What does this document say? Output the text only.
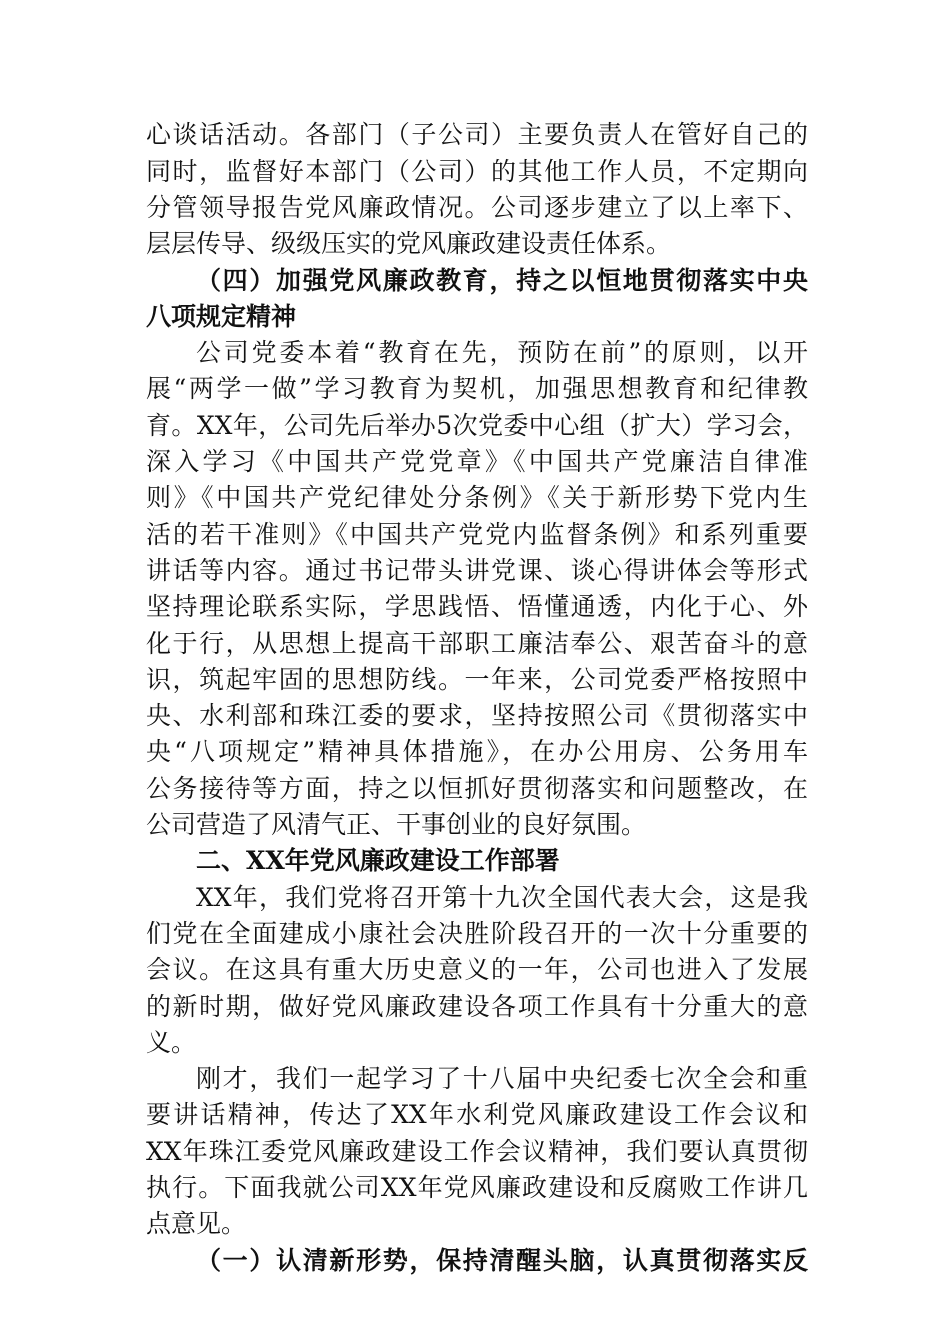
心谈话活动。各部门（子公司）主要负责人在管好自己的
同时，监督好本部门（公司）的其他工作人员，不定期向
分管领导报告党风廉政情况。公司逐步建立了以上率下、
层层传导、级级压实的党风廉政建设责任体系。
（四）加强党风廉政教育，持之以恒地贯彻落实中央
八项规定精神
公司党委本着“教育在先，预防在前”的原则，以开
展“两学一做”学习教育为契机，加强思想教育和纪律教
育。XX年，公司先后举办5次党委中心组（扩大）学习会，
深入学习《中国共产党党章》《中国共产党廉洁自律准
则》《中国共产党纪律处分条例》《关于新形势下党内生
活的若干准则》《中国共产党党内监督条例》和系列重要
讲话等内容。通过书记带头讲党课、谈心得讲体会等形式
坚持理论联系实际，学思践悟、悟懂通透，内化于心、外
化于行，从思想上提高干部职工廉洁奉公、艰苦奋斗的意
识，筑起牢固的思想防线。一年来，公司党委严格按照中
央、水利部和珠江委的要求，坚持按照公司《贯彻落实中
央“八项规定”精神具体措施》，在办公用房、公务用车
公务接待等方面，持之以恒抓好贯彻落实和问题整改，在
公司营造了风清气正、干事创业的良好氛围。
二、XX年党风廉政建设工作部署
XX年，我们党将召开第十九次全国代表大会，这是我
们党在全面建成小康社会决胜阶段召开的一次十分重要的
会议。在这具有重大历史意义的一年，公司也进入了发展
的新时期，做好党风廉政建设各项工作具有十分重大的意
义。
刚才，我们一起学习了十八届中央纪委七次全会和重
要讲话精神，传达了XX年水利党风廉政建设工作会议和
XX年珠江委党风廉政建设工作会议精神，我们要认真贯彻
执行。下面我就公司XX年党风廉政建设和反腐败工作讲几
点意见。
（一）认清新形势，保持清醒头脑，认真贯彻落实反
